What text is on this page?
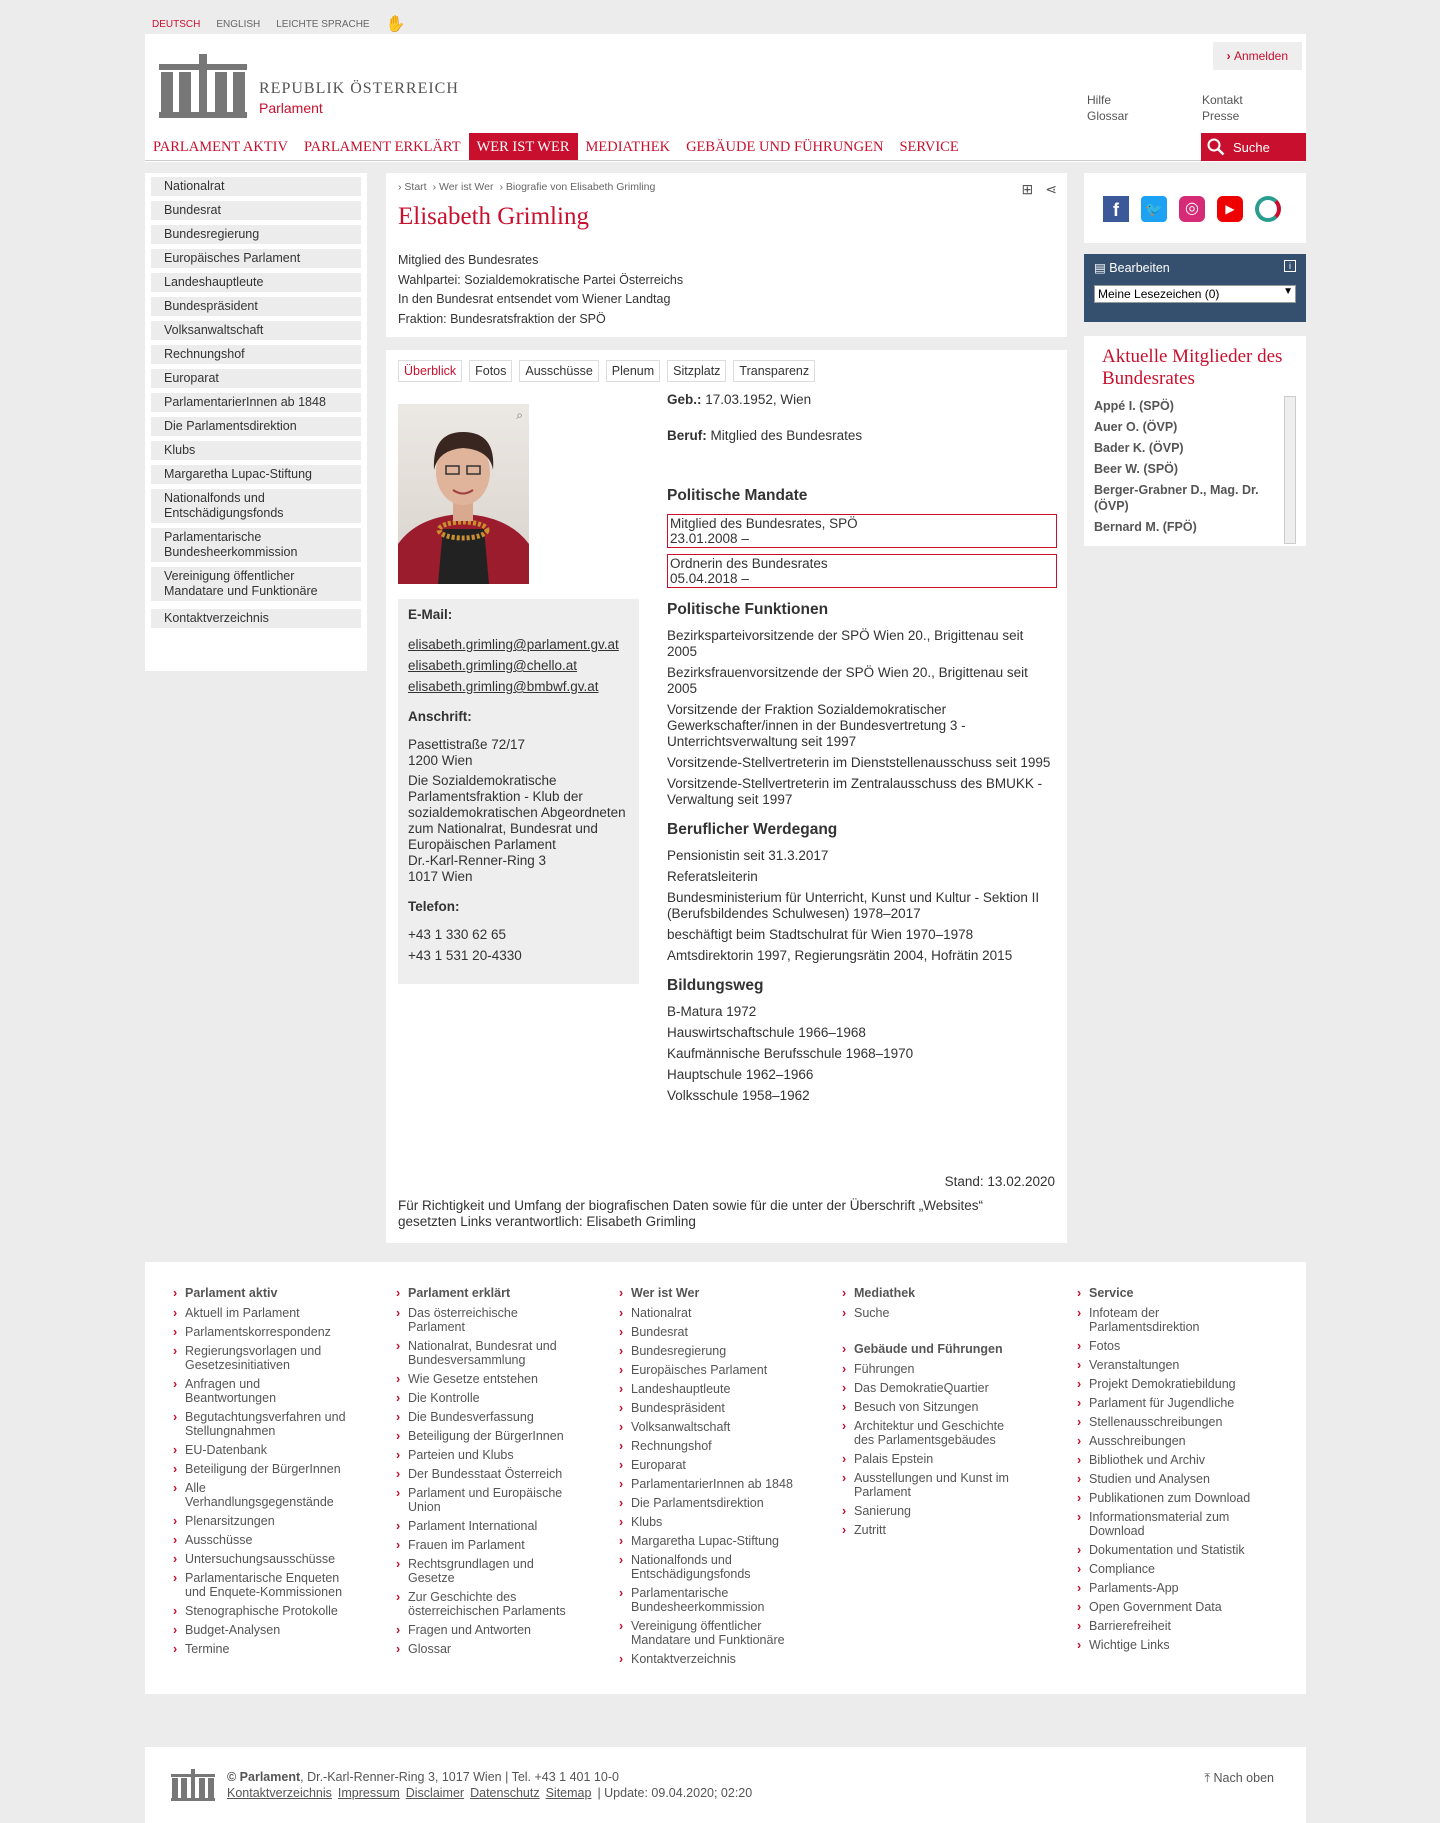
DEUTSCH ENGLISH LEICHTE SPRACHE ✋
REPUBLIK ÖSTERREICH
Parlament
› Anmelden
Hilfe
Glossar
Kontakt
Presse
PARLAMENT AKTIV	PARLAMENT ERKLÄRT	WER IST WER	MEDIATHEK	GEBÄUDE UND FÜHRUNGEN	SERVICE	Suche
Nationalrat
Bundesrat
Bundesregierung
Europäisches Parlament
Landeshauptleute
Bundespräsident
Volksanwaltschaft
Rechnungshof
Europarat
ParlamentarierInnen ab 1848
Die Parlamentsdirektion
Klubs
Margaretha Lupac-Stiftung
Nationalfonds und Entschädigungsfonds
Parlamentarische Bundesheerkommission
Vereinigung öffentlicher Mandatare und Funktionäre
Kontaktverzeichnis
› Start › Wer ist Wer › Biografie von Elisabeth Grimling	⊞ ⋖
Elisabeth Grimling
Mitglied des Bundesrates
Wahlpartei: Sozialdemokratische Partei Österreichs
In den Bundesrat entsendet vom Wiener Landtag
Fraktion: Bundesratsfraktion der SPÖ
Überblick	Fotos	Ausschüsse	Plenum	Sitzplatz	Transparenz
⌕
E-Mail:
elisabeth.grimling@parlament.gv.at
elisabeth.grimling@chello.at
elisabeth.grimling@bmbwf.gv.at
Anschrift:
Pasettistraße 72/17
1200 Wien
Die Sozialdemokratische Parlamentsfraktion - Klub der sozialdemokratischen Abgeordneten zum Nationalrat, Bundesrat und Europäischen Parlament
Dr.-Karl-Renner-Ring 3
1017 Wien
Telefon:
+43 1 330 62 65
+43 1 531 20-4330
Geb.: 17.03.1952, Wien
Beruf: Mitglied des Bundesrates
Politische Mandate
Mitglied des Bundesrates, SPÖ
23.01.2008 –
Ordnerin des Bundesrates
05.04.2018 –
Politische Funktionen
Bezirksparteivorsitzende der SPÖ Wien 20., Brigittenau seit 2005
Bezirksfrauenvorsitzende der SPÖ Wien 20., Brigittenau seit 2005
Vorsitzende der Fraktion Sozialdemokratischer Gewerkschafter/innen in der Bundesvertretung 3 - Unterrichtsverwaltung seit 1997
Vorsitzende-Stellvertreterin im Dienststellenausschuss seit 1995
Vorsitzende-Stellvertreterin im Zentralausschuss des BMUKK - Verwaltung seit 1997
Beruflicher Werdegang
Pensionistin seit 31.3.2017
Referatsleiterin
Bundesministerium für Unterricht, Kunst und Kultur - Sektion II (Berufsbildendes Schulwesen) 1978–2017
beschäftigt beim Stadtschulrat für Wien 1970–1978
Amtsdirektorin 1997, Regierungsrätin 2004, Hofrätin 2015
Bildungsweg
B-Matura 1972
Hauswirtschaftschule 1966–1968
Kaufmännische Berufsschule 1968–1970
Hauptschule 1962–1966
Volksschule 1958–1962
Stand: 13.02.2020
Für Richtigkeit und Umfang der biografischen Daten sowie für die unter der Überschrift „Websites“ gesetzten Links verantwortlich: Elisabeth Grimling
f	🐦	◎	▶
▤ Bearbeiten	i
Meine Lesezeichen (0)	▼
Aktuelle Mitglieder des Bundesrates
Appé I. (SPÖ)
Auer O. (ÖVP)
Bader K. (ÖVP)
Beer W. (SPÖ)
Berger-Grabner D., Mag. Dr. (ÖVP)
Bernard M. (FPÖ)
› Parlament aktiv
› Aktuell im Parlament
› Parlamentskorrespondenz
› Regierungsvorlagen und Gesetzesinitiativen
› Anfragen und Beantwortungen
› Begutachtungsverfahren und Stellungnahmen
› EU-Datenbank
› Beteiligung der BürgerInnen
› Alle Verhandlungsgegenstände
› Plenarsitzungen
› Ausschüsse
› Untersuchungsausschüsse
› Parlamentarische Enqueten und Enquete-Kommissionen
› Stenographische Protokolle
› Budget-Analysen
› Termine
› Parlament erklärt
› Das österreichische Parlament
› Nationalrat, Bundesrat und Bundesversammlung
› Wie Gesetze entstehen
› Die Kontrolle
› Die Bundesverfassung
› Beteiligung der BürgerInnen
› Parteien und Klubs
› Der Bundesstaat Österreich
› Parlament und Europäische Union
› Parlament International
› Frauen im Parlament
› Rechtsgrundlagen und Gesetze
› Zur Geschichte des österreichischen Parlaments
› Fragen und Antworten
› Glossar
› Wer ist Wer
› Nationalrat
› Bundesrat
› Bundesregierung
› Europäisches Parlament
› Landeshauptleute
› Bundespräsident
› Volksanwaltschaft
› Rechnungshof
› Europarat
› ParlamentarierInnen ab 1848
› Die Parlamentsdirektion
› Klubs
› Margaretha Lupac-Stiftung
› Nationalfonds und Entschädigungsfonds
› Parlamentarische Bundesheerkommission
› Vereinigung öffentlicher Mandatare und Funktionäre
› Kontaktverzeichnis
› Mediathek
› Suche
› Gebäude und Führungen
› Führungen
› Das DemokratieQuartier
› Besuch von Sitzungen
› Architektur und Geschichte des Parlamentsgebäudes
› Palais Epstein
› Ausstellungen und Kunst im Parlament
› Sanierung
› Zutritt
› Service
› Infoteam der Parlamentsdirektion
› Fotos
› Veranstaltungen
› Projekt Demokratiebildung
› Parlament für Jugendliche
› Stellenausschreibungen
› Ausschreibungen
› Bibliothek und Archiv
› Studien und Analysen
› Publikationen zum Download
› Informationsmaterial zum Download
› Dokumentation und Statistik
› Compliance
› Parlaments-App
› Open Government Data
› Barrierefreiheit
› Wichtige Links
© Parlament, Dr.-Karl-Renner-Ring 3, 1017 Wien | Tel. +43 1 401 10-0
Kontaktverzeichnis Impressum Disclaimer Datenschutz Sitemap | Update: 09.04.2020; 02:20
⤒ Nach oben
